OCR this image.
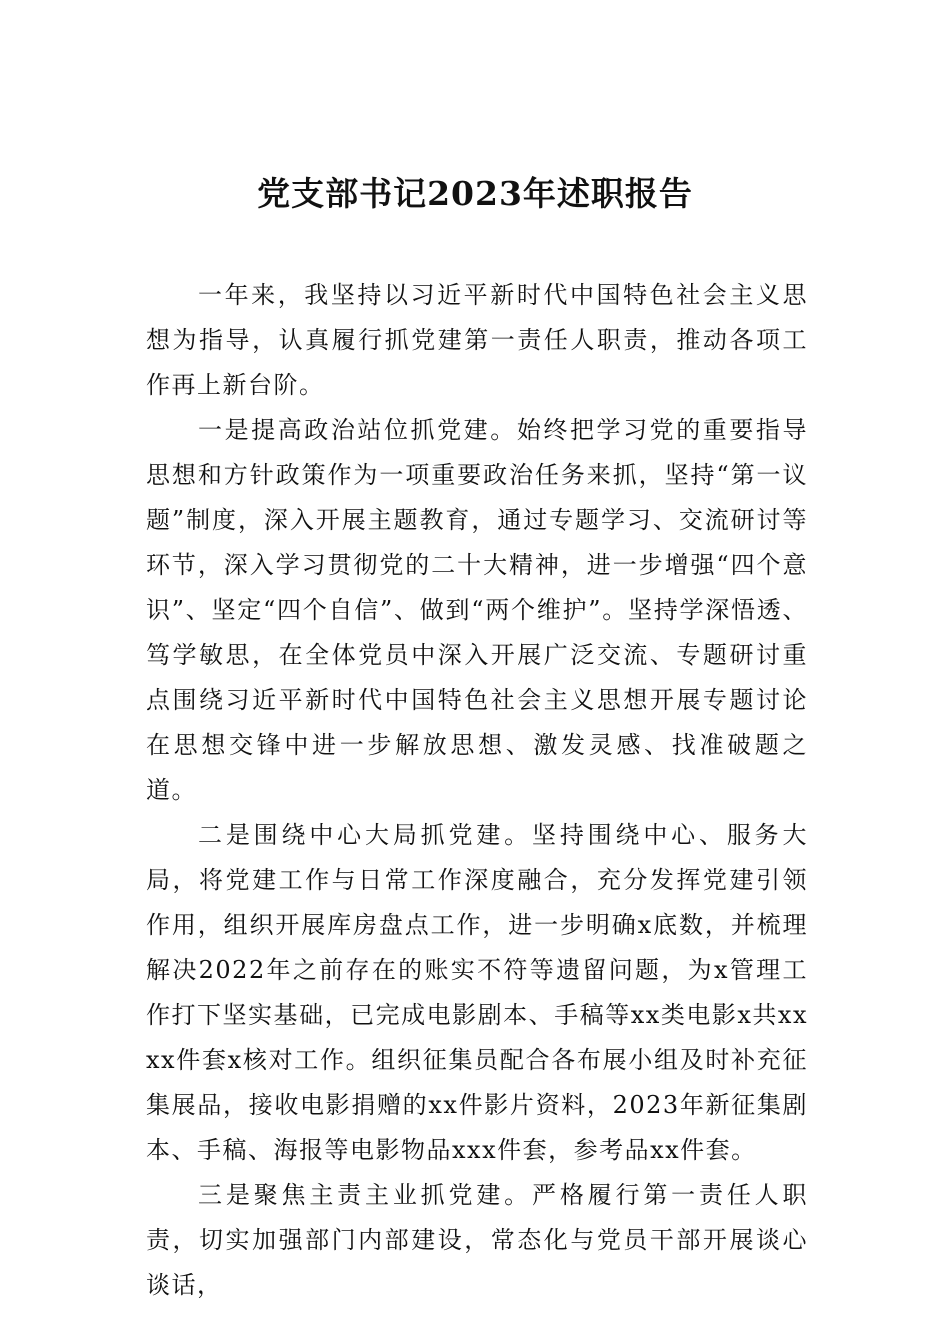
党支部书记2023年述职报告

一年来，我坚持以习近平新时代中国特色社会主义思想为指导，认真履行抓党建第一责任人职责，推动各项工作再上新台阶。

一是提高政治站位抓党建。始终把学习党的重要指导思想和方针政策作为一项重要政治任务来抓，坚持“第一议题”制度，深入开展主题教育，通过专题学习、交流研讨等环节，深入学习贯彻党的二十大精神，进一步增强“四个意识”、坚定“四个自信”、做到“两个维护”。坚持学深悟透、笃学敏思，在全体党员中深入开展广泛交流、专题研讨重点围绕习近平新时代中国特色社会主义思想开展专题讨论在思想交锋中进一步解放思想、激发灵感、找准破题之道。

二是围绕中心大局抓党建。坚持围绕中心、服务大局，将党建工作与日常工作深度融合，充分发挥党建引领作用，组织开展库房盘点工作，进一步明确x底数，并梳理解决2022年之前存在的账实不符等遗留问题，为x管理工作打下坚实基础，已完成电影剧本、手稿等xx类电影x共xxxx件套x核对工作。组织征集员配合各布展小组及时补充征集展品，接收电影捐赠的xx件影片资料，2023年新征集剧本、手稿、海报等电影物品xxx件套，参考品xx件套。

三是聚焦主责主业抓党建。严格履行第一责任人职责，切实加强部门内部建设，常态化与党员干部开展谈心谈话，
